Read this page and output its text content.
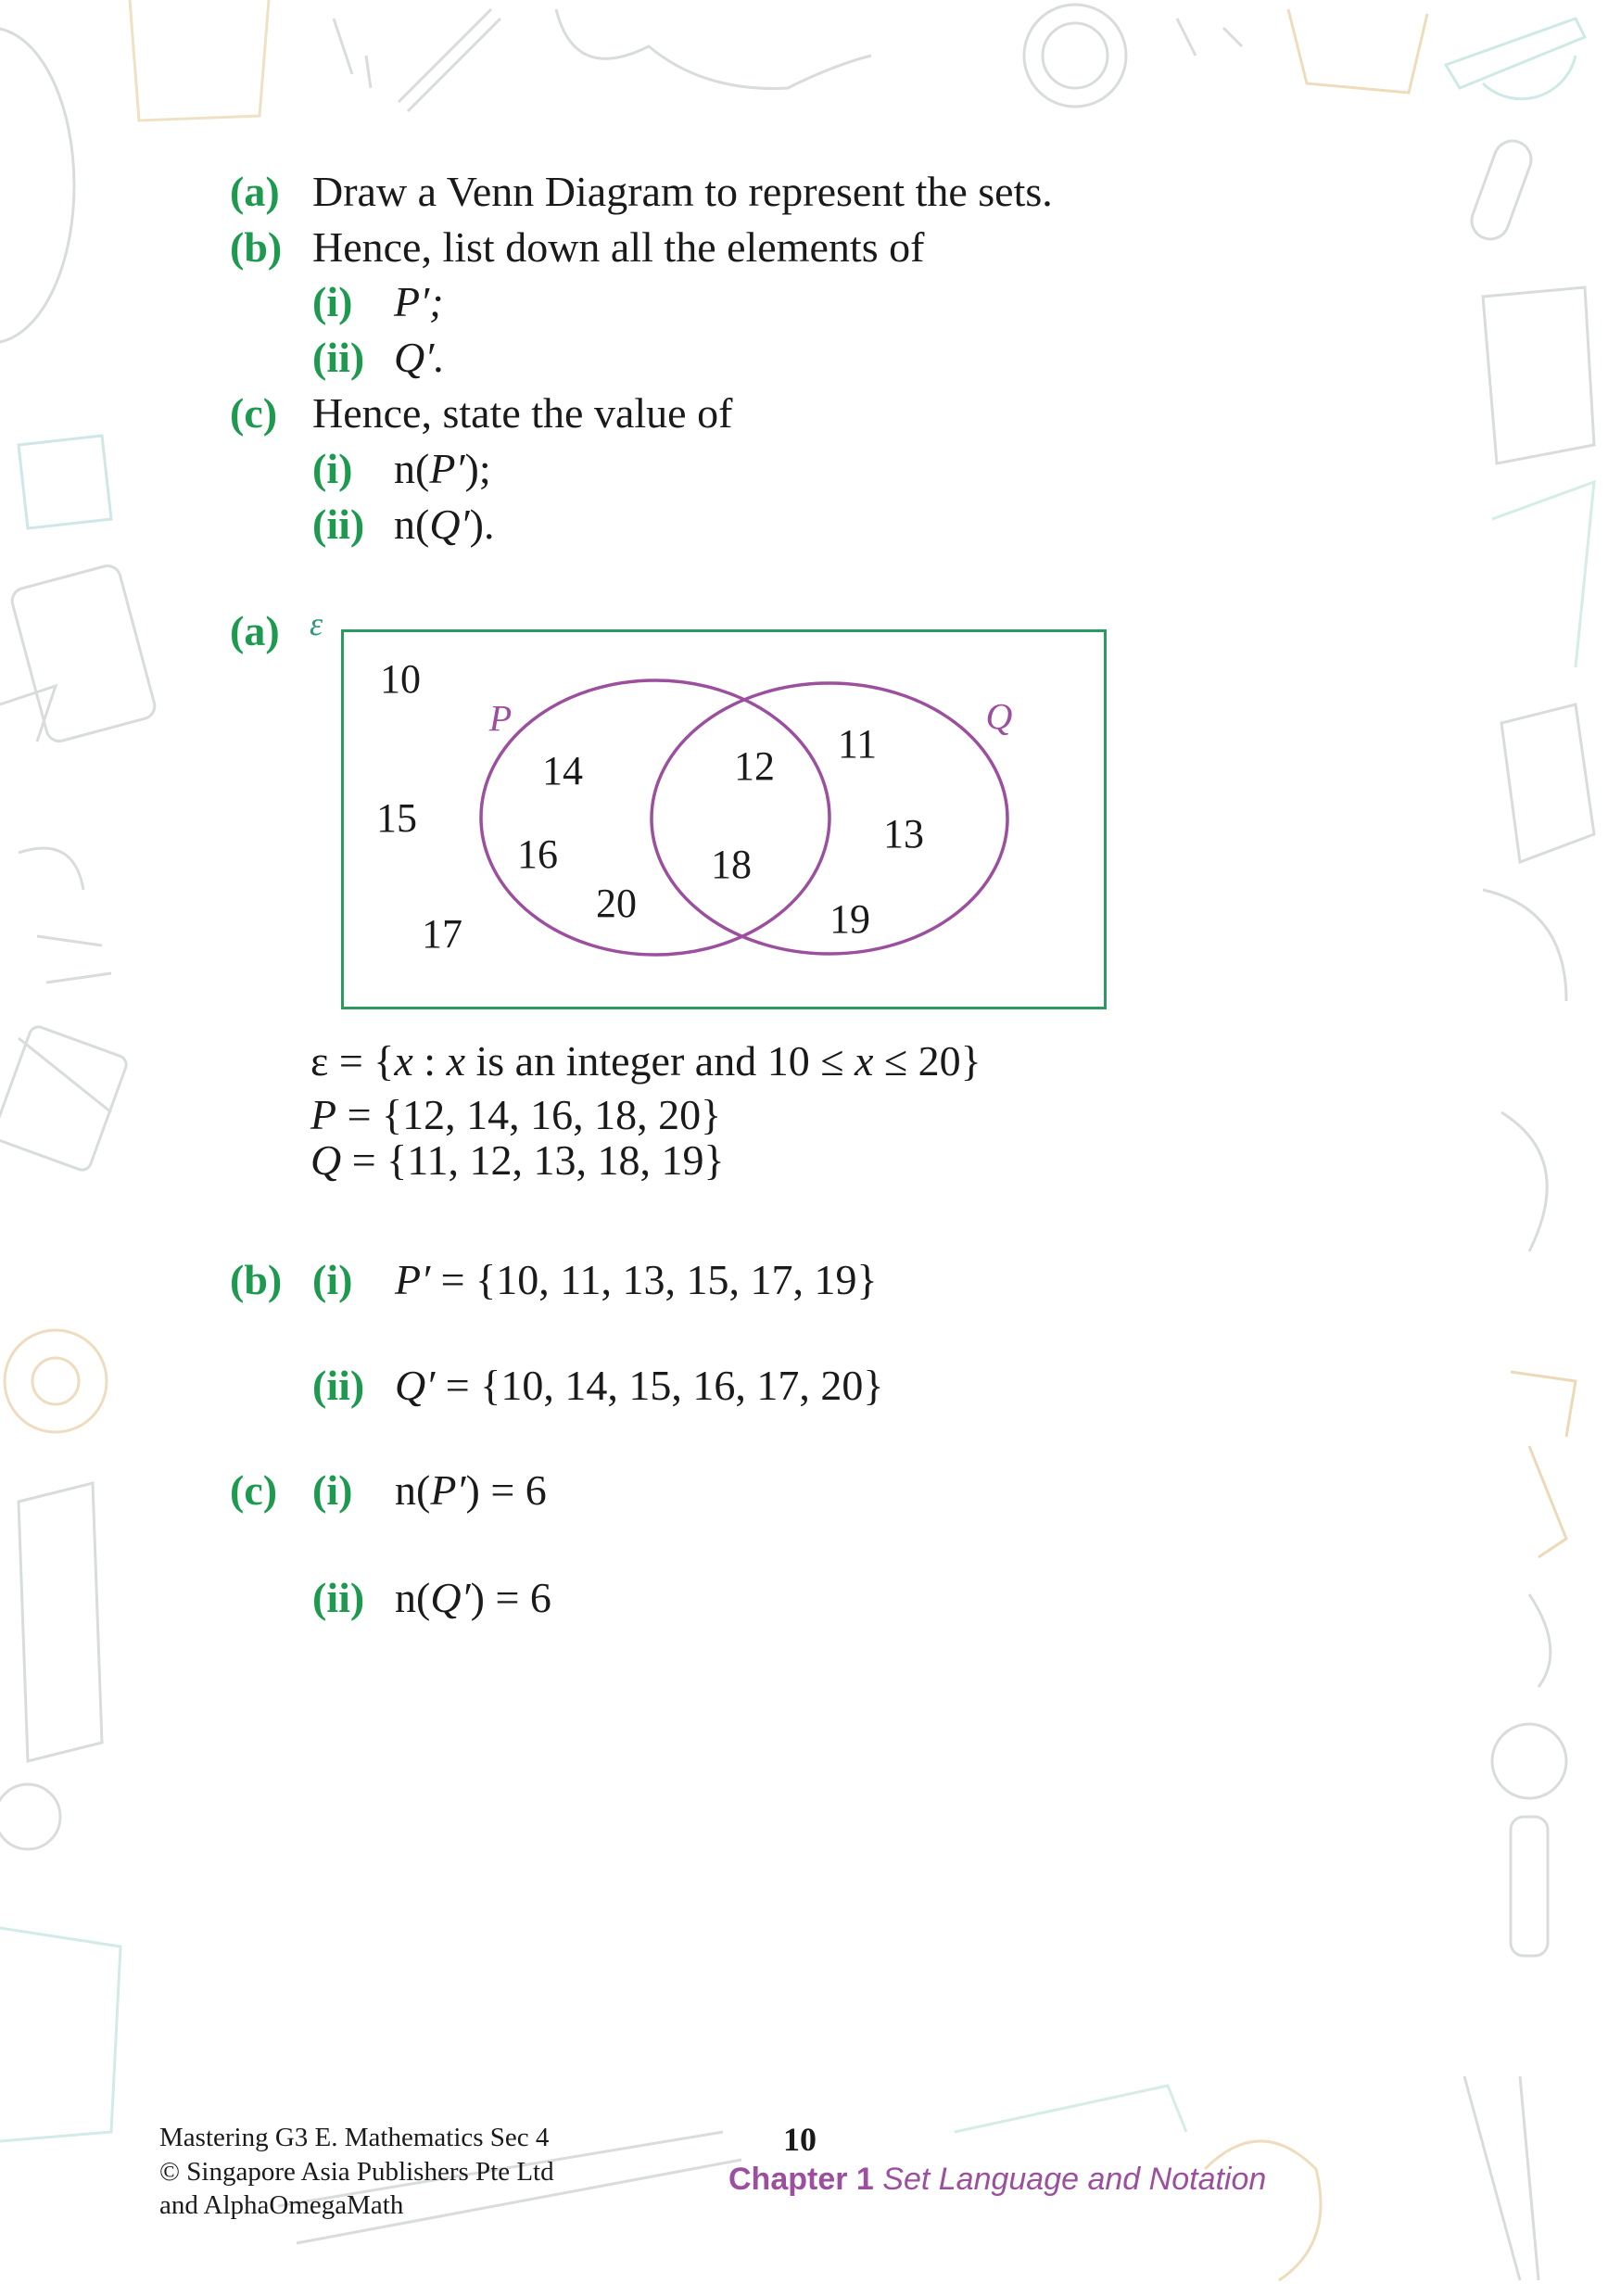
(a) Draw a Venn Diagram to represent the sets.
(b) Hence, list down all the elements of
(i) P′;
(ii) Q′.
(c) Hence, state the value of
(i) n(P′);
(ii) n(Q′).
(a) ε
P	Q
10
15
17
14
16
20
12
18
11
13
19
ε = {x : x is an integer and 10 ≤ x ≤ 20}
P = {12, 14, 16, 18, 20}
Q = {11, 12, 13, 18, 19}
(b) (i) P′ = {10, 11, 13, 15, 17, 19}
(ii) Q′ = {10, 14, 15, 16, 17, 20}
(c) (i) n(P′) = 6
(ii) n(Q′) = 6
Mastering G3 E. Mathematics Sec 4
© Singapore Asia Publishers Pte Ltd
and AlphaOmegaMath
10
Chapter 1 Set Language and Notation
